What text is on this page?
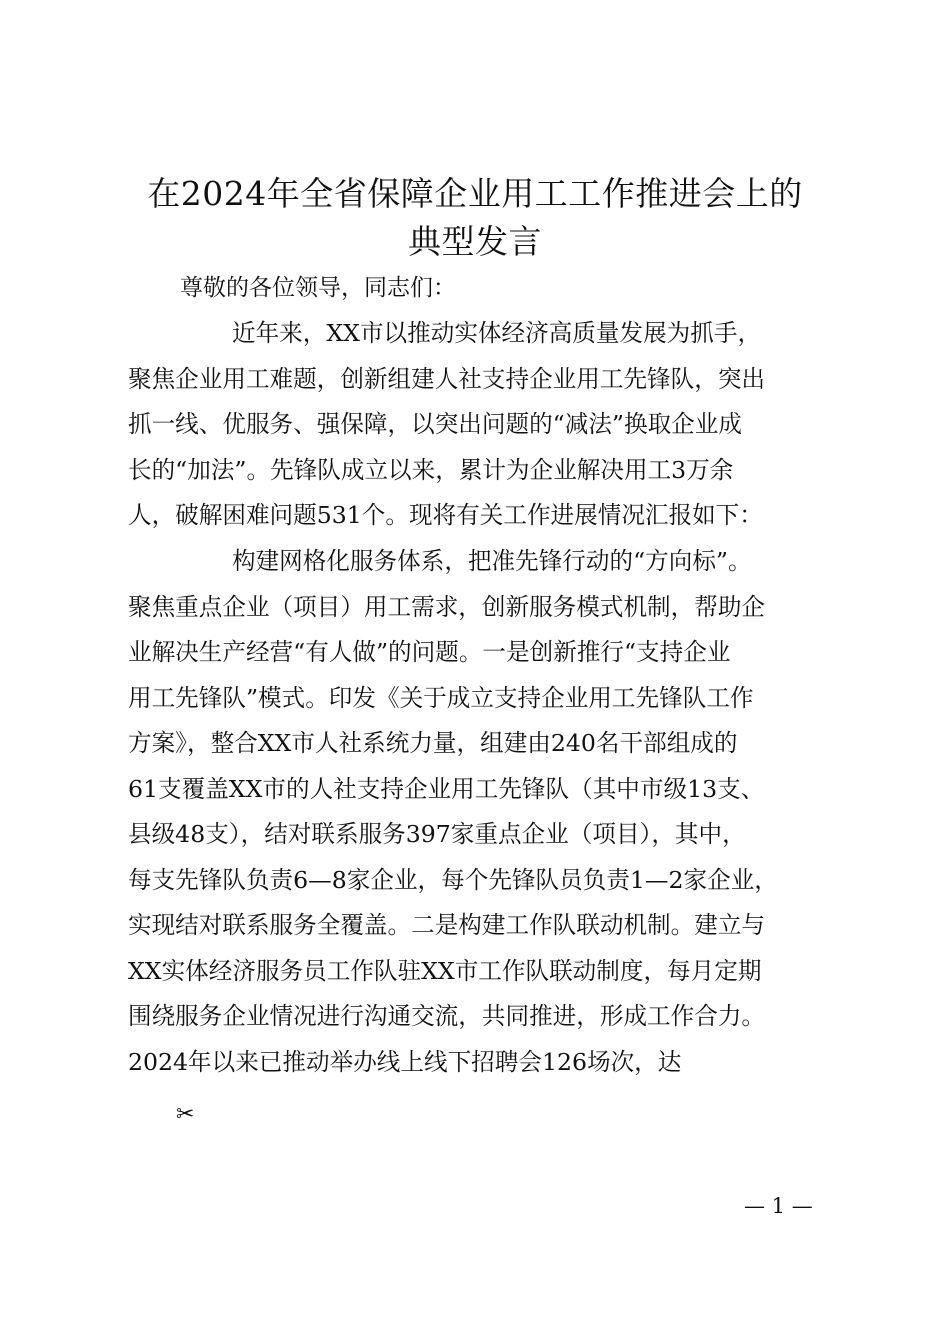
在2024年全省保障企业用工工作推进会上的
典型发言

尊敬的各位领导，同志们：

近年来，XX市以推动实体经济高质量发展为抓手，
聚焦企业用工难题，创新组建人社支持企业用工先锋队，突出
抓一线、优服务、强保障，以突出问题的“减法”换取企业成
长的“加法”。先锋队成立以来，累计为企业解决用工3万余
人，破解困难问题531个。现将有关工作进展情况汇报如下：
构建网格化服务体系，把准先锋行动的“方向标”。
聚焦重点企业（项目）用工需求，创新服务模式机制，帮助企
业解决生产经营“有人做”的问题。一是创新推行“支持企业
用工先锋队”模式。印发《关于成立支持企业用工先锋队工作
方案》，整合XX市人社系统力量，组建由240名干部组成的
61支覆盖XX市的人社支持企业用工先锋队（其中市级13支、
县级48支），结对联系服务397家重点企业（项目），其中，
每支先锋队负责6—8家企业，每个先锋队员负责1—2家企业，
实现结对联系服务全覆盖。二是构建工作队联动机制。建立与
XX实体经济服务员工作队驻XX市工作队联动制度，每月定期
围绕服务企业情况进行沟通交流，共同推进，形成工作合力。
2024年以来已推动举办线上线下招聘会126场次，达
✂
— 1 —
